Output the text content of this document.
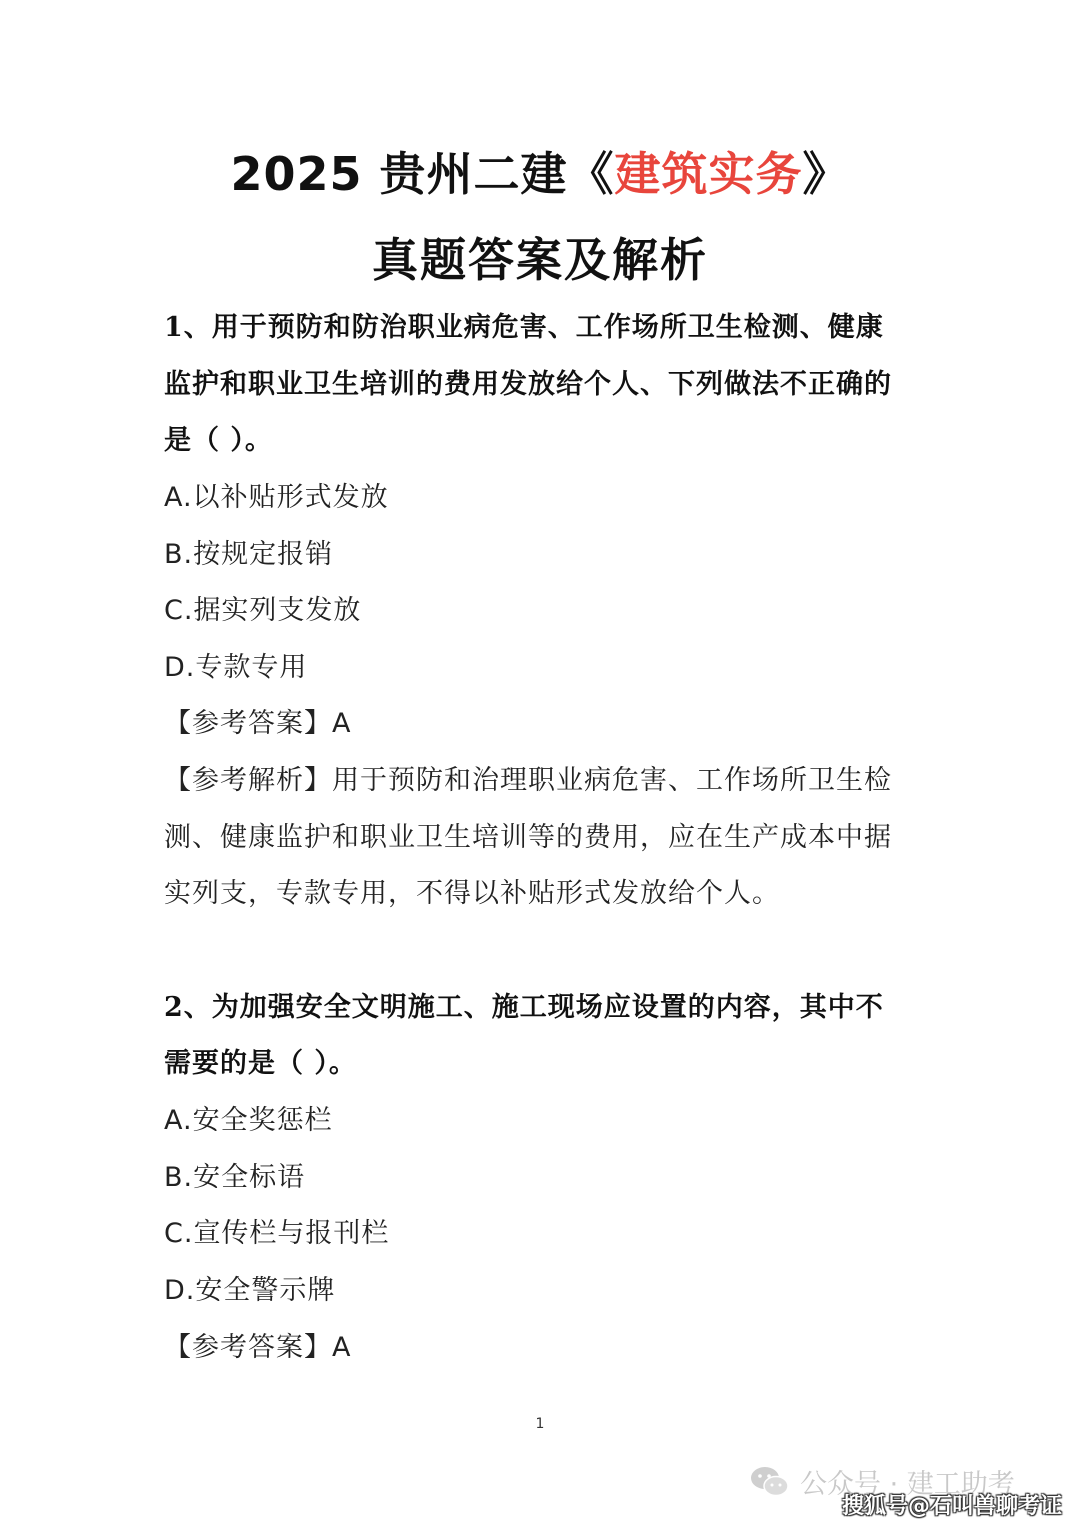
2025 贵州二建《建筑实务》
真题答案及解析
1、用于预防和防治职业病危害、工作场所卫生检测、健康
监护和职业卫生培训的费用发放给个人、下列做法不正确的
是（ ）。
A.以补贴形式发放
B.按规定报销
C.据实列支发放
D.专款专用
【参考答案】A
【参考解析】用于预防和治理职业病危害、工作场所卫生检
测、健康监护和职业卫生培训等的费用，应在生产成本中据
实列支，专款专用，不得以补贴形式发放给个人。
2、为加强安全文明施工、施工现场应设置的内容，其中不
需要的是（ ）。
A.安全奖惩栏
B.安全标语
C.宣传栏与报刊栏
D.安全警示牌
【参考答案】A
1
公众号 · 建工助考
搜狐号@石叫兽聊考证
